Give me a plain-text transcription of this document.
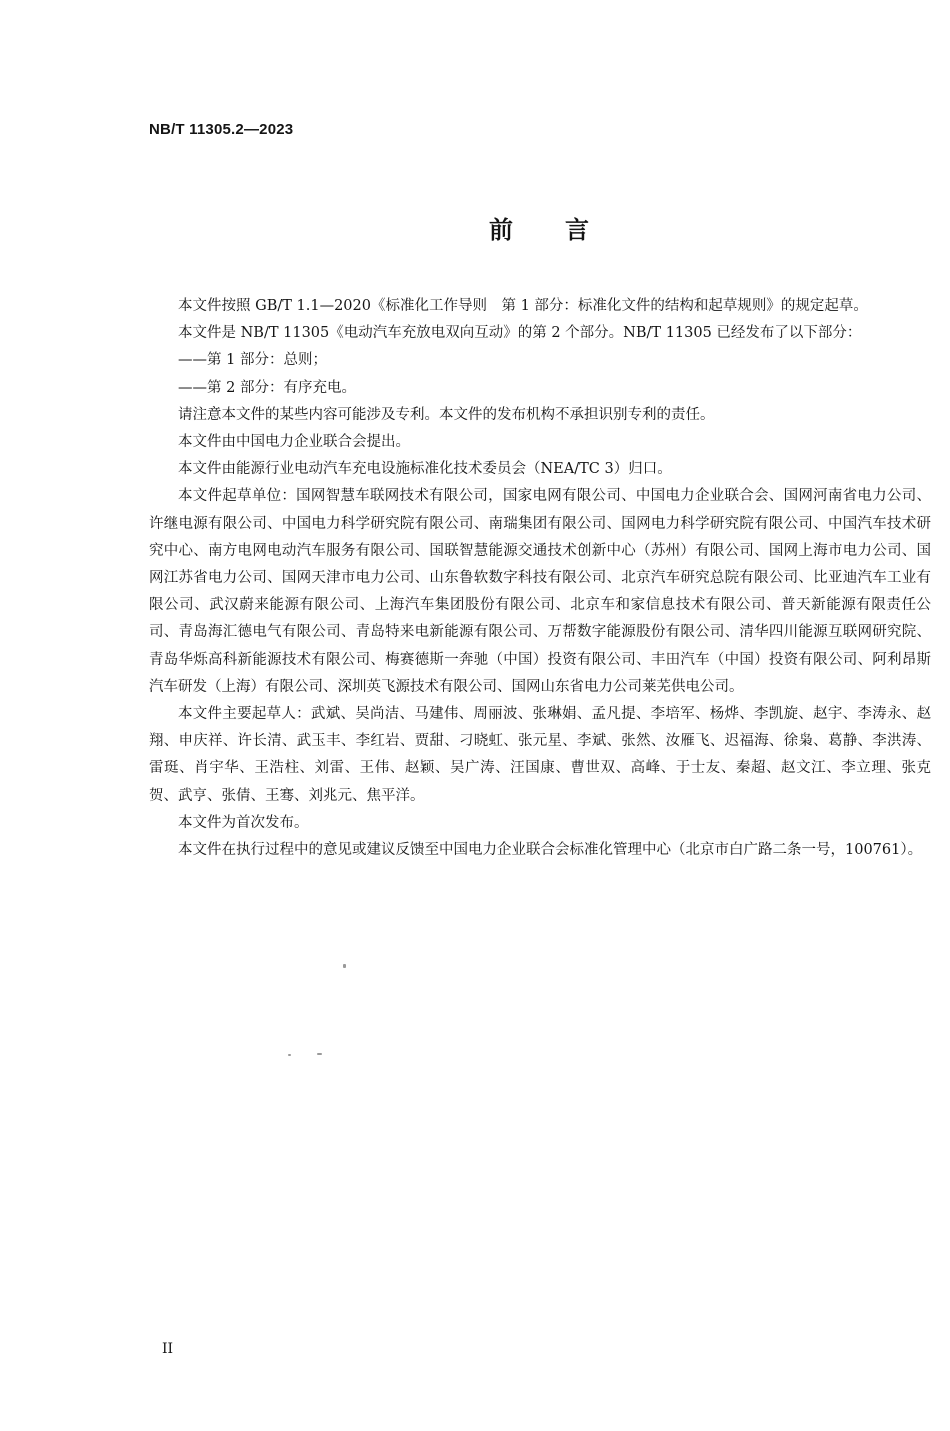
NB/T 11305.2—2023
前 言

本文件按照 GB/T 1.1—2020《标准化工作导则　第 1 部分：标准化文件的结构和起草规则》的规定起草。

本文件是 NB/T 11305《电动汽车充放电双向互动》的第 2 个部分。NB/T 11305 已经发布了以下部分：

——第 1 部分：总则；

——第 2 部分：有序充电。

请注意本文件的某些内容可能涉及专利。本文件的发布机构不承担识别专利的责任。

本文件由中国电力企业联合会提出。

本文件由能源行业电动汽车充电设施标准化技术委员会（NEA/TC 3）归口。

本文件起草单位：国网智慧车联网技术有限公司，国家电网有限公司、中国电力企业联合会、国网河南省电力公司、许继电源有限公司、中国电力科学研究院有限公司、南瑞集团有限公司、国网电力科学研究院有限公司、中国汽车技术研究中心、南方电网电动汽车服务有限公司、国联智慧能源交通技术创新中心（苏州）有限公司、国网上海市电力公司、国网江苏省电力公司、国网天津市电力公司、山东鲁软数字科技有限公司、北京汽车研究总院有限公司、比亚迪汽车工业有限公司、武汉蔚来能源有限公司、上海汽车集团股份有限公司、北京车和家信息技术有限公司、普天新能源有限责任公司、青岛海汇德电气有限公司、青岛特来电新能源有限公司、万帮数字能源股份有限公司、清华四川能源互联网研究院、青岛华烁高科新能源技术有限公司、梅赛德斯一奔驰（中国）投资有限公司、丰田汽车（中国）投资有限公司、阿利昂斯汽车研发（上海）有限公司、深圳英飞源技术有限公司、国网山东省电力公司莱芜供电公司。

本文件主要起草人：武斌、吴尚洁、马建伟、周丽波、张琳娟、孟凡提、李培军、杨烨、李凯旋、赵宇、李涛永、赵翔、申庆祥、许长清、武玉丰、李红岩、贾甜、刁晓虹、张元星、李斌、张然、汝雁飞、迟福海、徐枭、葛静、李洪涛、雷珽、肖宇华、王浩柱、刘雷、王伟、赵颖、吴广涛、汪国康、曹世双、高峰、于士友、秦超、赵文江、李立理、张克贺、武亨、张倩、王骞、刘兆元、焦平洋。

本文件为首次发布。

本文件在执行过程中的意见或建议反馈至中国电力企业联合会标准化管理中心（北京市白广路二条一号，100761）。

II
